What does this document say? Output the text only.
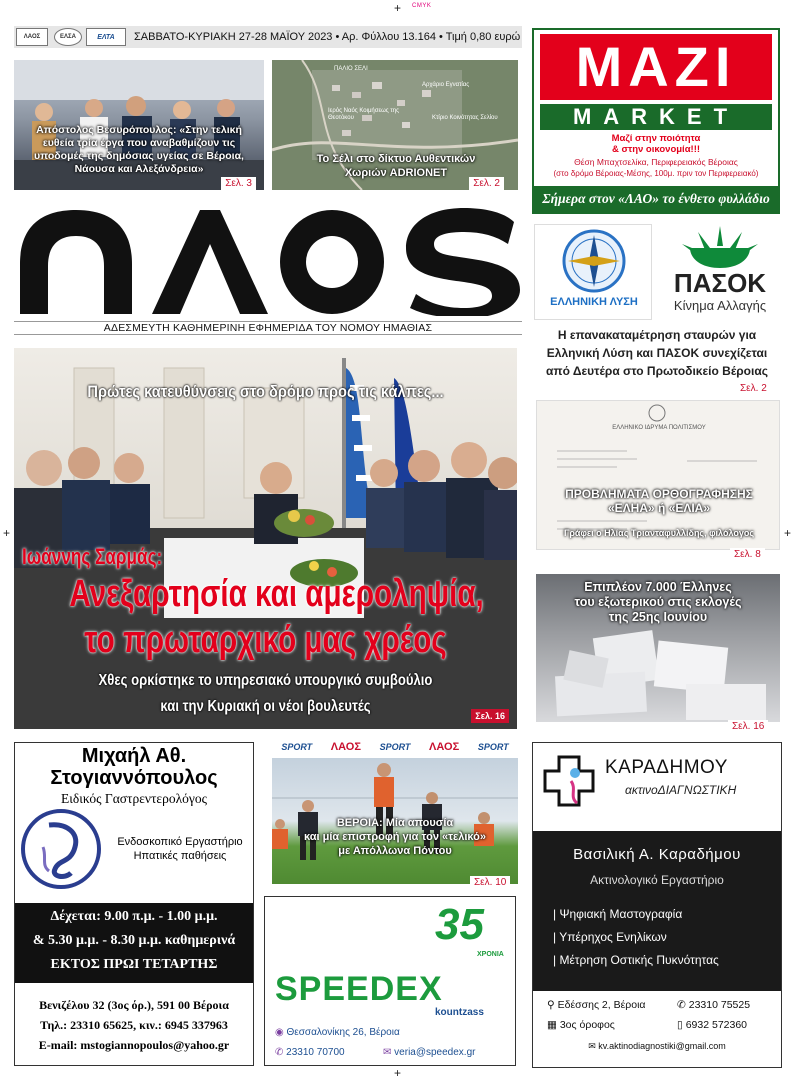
+ CMYK
+	+
+
ΛΑΟΣ	ΕΛΣΑ	ΕΛΤΑ	ΣΑΒΒΑΤΟ-ΚΥΡΙΑΚΗ 27-28 ΜΑΪΟΥ 2023 • Αρ. Φύλλου 13.164 • Τιμή 0,80 ευρώ
Απόστολος Βεσυρόπουλος: «Στην τελική ευθεία τρία έργα που αναβαθμίζουν τις υποδομές της δημόσιας υγείας σε Βέροια, Νάουσα και Αλεξάνδρεια»
Σελ. 3
ΠΑΛΙΟ ΣΕΛΙ
Ιερός Ναός Κοιμήσεως της Θεοτόκου	Κτίριο Κοινότητας Σελίου
Αρχάριο Εγνατίας
Το Σέλι στο δίκτυο Αυθεντικών Χωριών ADRIONET
Σελ. 2
ΛΑΟΣ
ΑΔΕΣΜΕΥΤΗ ΚΑΘΗΜΕΡΙΝΗ ΕΦΗΜΕΡΙΔΑ ΤΟΥ ΝΟΜΟΥ ΗΜΑΘΙΑΣ
Πρώτες κατευθύνσεις στο δρόμο προς τις κάλπες...
Ιωάννης Σαρμάς:
Ανεξαρτησία και αμεροληψία,
το πρωταρχικό μας χρέος
Χθες ορκίστηκε το υπηρεσιακό υπουργικό συμβούλιο
και την Κυριακή οι νέοι βουλευτές
Σελ. 16
ΜΑΖΙ
MARKET
Μαζί στην ποιότητα
& στην οικονομία!!!
Θέση Μπαχτσελίκα, Περιφερειακός Βέροιας
(στο δρόμο Βέροιας-Μέσης, 100μ. πριν τον Περιφερειακό)
Σήμερα στον «ΛΑΟ» το ένθετο φυλλάδιο
ΕΛΛΗΝΙΚΗ ΛΥΣΗ
ΠΑΣΟΚ
Κίνημα Αλλαγής
Η επανακαταμέτρηση σταυρών για Ελληνική Λύση και ΠΑΣΟΚ συνεχίζεται από Δευτέρα στο Πρωτοδικείο Βέροιας
Σελ. 2
ΕΛΛΗΝΙΚΟ ΙΔΡΥΜΑ ΠΟΛΙΤΙΣΜΟΥ
ΠΡΟΒΛΗΜΑΤΑ ΟΡΘΟΓΡΑΦΗΣΗΣ
«ΕΛΗΑ» ή «ΕΛΙΑ»
Γράφει ο Ηλίας Τριανταφυλλίδης, φιλόλογος
Σελ. 8
Επιπλέον 7.000 Έλληνες
του εξωτερικού στις εκλογές
της 25ης Ιουνίου
Σελ. 16
Μιχαήλ Αθ.
Στογιαννόπουλος
Ειδικός Γαστρεντερολόγος
Ενδοσκοπικό Εργαστήριο
Ηπατικές παθήσεις
Δέχεται: 9.00 π.μ. - 1.00 μ.μ.
& 5.30 μ.μ. - 8.30 μ.μ. καθημερινά
ΕΚΤΟΣ ΠΡΩΙ ΤΕΤΑΡΤΗΣ
Βενιζέλου 32 (3ος όρ.), 591 00 Βέροια
Τηλ.: 23310 65625, κιν.: 6945 337963
E-mail: mstogiannopoulos@yahoo.gr
SPORT ΛΑΟΣ SPORT ΛΑΟΣ SPORT
ΒΕΡΟΙΑ: Μία απουσία
και μία επιστροφή για τον «τελικό»
με Απόλλωνα Πόντου
Σελ. 10
35
ΧΡΟΝΙΑ
SPEEDEX
kountzass
◉ Θεσσαλονίκης 26, Βέροια
✆ 23310 70700	✉ veria@speedex.gr
ΚΑΡΑΔΗΜΟΥ
ακτινοΔΙΑΓΝΩΣΤΙΚΗ
Βασιλική Α. Καραδήμου
Ακτινολογικό Εργαστήριο
| Ψηφιακή Μαστογραφία
| Υπέρηχος Ενηλίκων
| Μέτρηση Οστικής Πυκνότητας
⚲ Εδέσσης 2, Βέροια	✆ 23310 75525
▦ 3ος όροφος	▯ 6932 572360
✉ kv.aktinodiagnostiki@gmail.com
